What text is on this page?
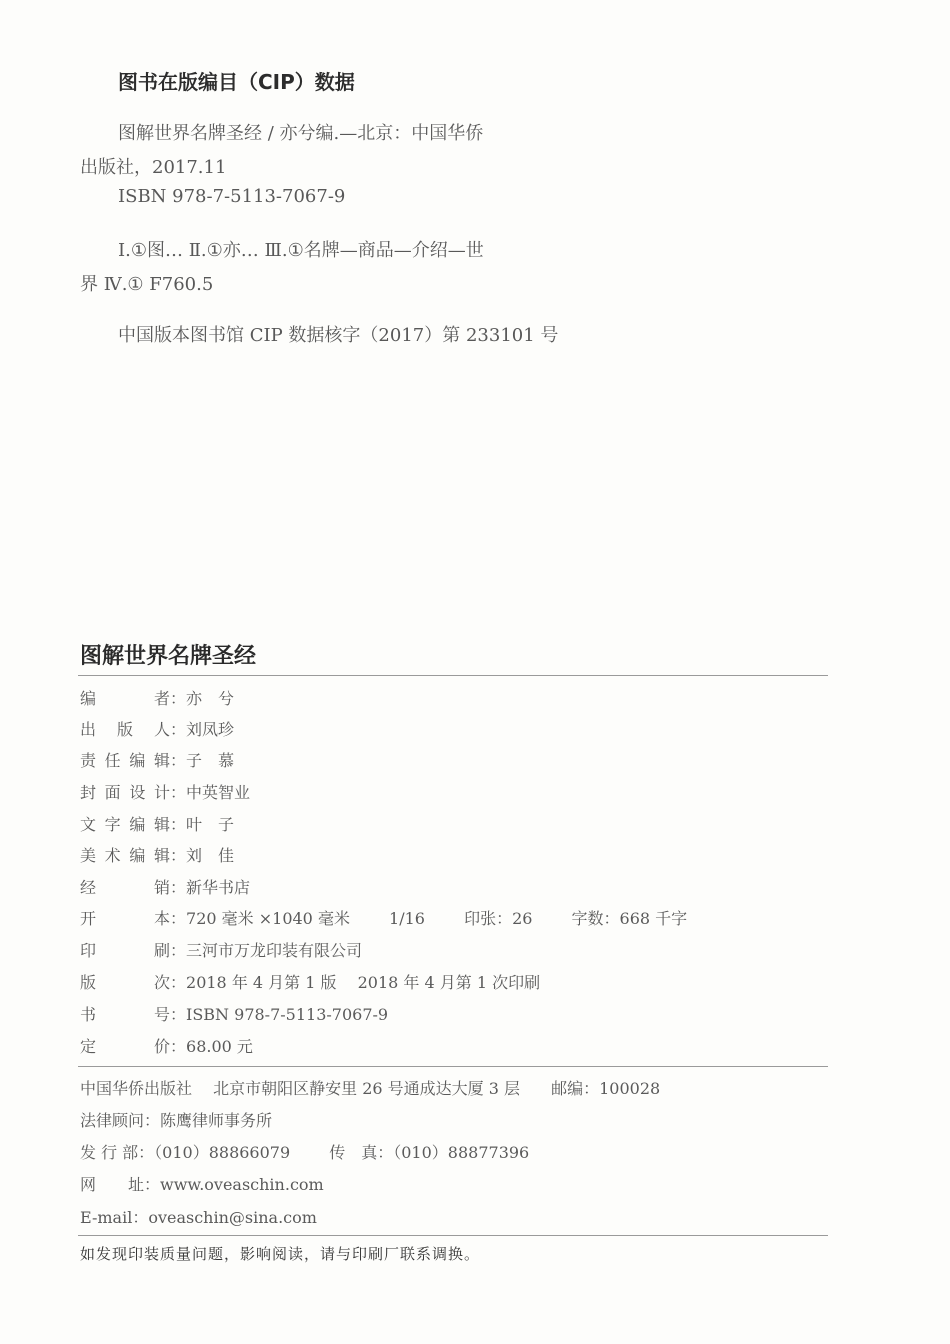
图书在版编目（CIP）数据
图解世界名牌圣经 / 亦兮编.—北京：中国华侨
出版社，2017.11
ISBN 978-7-5113-7067-9
Ⅰ.①图… Ⅱ.①亦… Ⅲ.①名牌—商品—介绍—世
界 Ⅳ.① F760.5
中国版本图书馆 CIP 数据核字（2017）第 233101 号
图解世界名牌圣经
编　　者：亦　兮
出 版 人：刘凤珍
责任编辑：子　慕
封面设计：中英智业
文字编辑：叶　子
美术编辑：刘　佳
经　　销：新华书店
开　　本：720 毫米 ×1040 毫米 1/16 印张：26 字数：668 千字
印　　刷：三河市万龙印装有限公司
版　　次：2018 年 4 月第 1 版 2018 年 4 月第 1 次印刷
书　　号：ISBN 978-7-5113-7067-9
定　　价：68.00 元
中国华侨出版社 北京市朝阳区静安里 26 号通成达大厦 3 层 邮编：100028
法律顾问：陈鹰律师事务所
发 行 部：（010）88866079 传　真：（010）88877396
网　　址：www.oveaschin.com
E-mail：oveaschin@sina.com
如发现印装质量问题，影响阅读，请与印刷厂联系调换。
